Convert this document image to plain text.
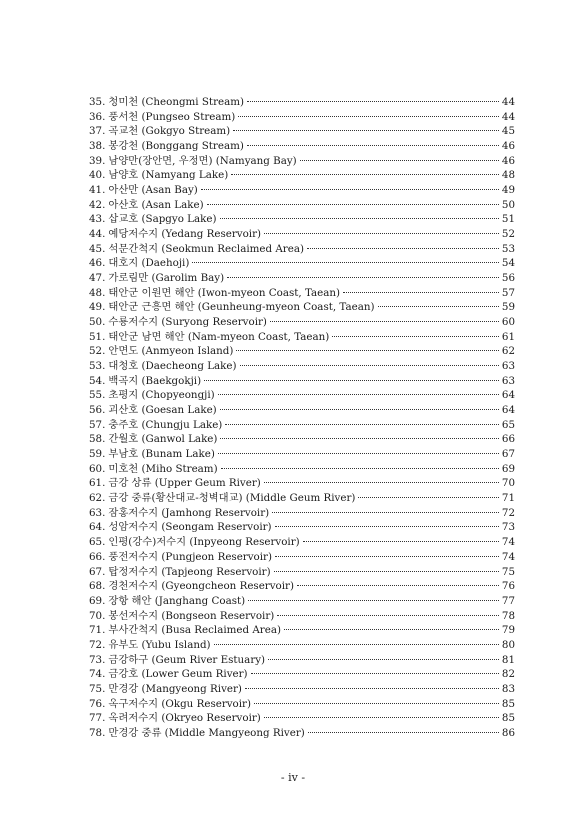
35. 청미천 (Cheongmi Stream)	44
36. 풍서천 (Pungseo Stream)	44
37. 곡교천 (Gokgyo Stream)	45
38. 봉강천 (Bonggang Stream)	46
39. 남양만(장안면, 우정면) (Namyang Bay)	46
40. 남양호 (Namyang Lake)	48
41. 아산만 (Asan Bay)	49
42. 아산호 (Asan Lake)	50
43. 삽교호 (Sapgyo Lake)	51
44. 예당저수지 (Yedang Reservoir)	52
45. 석문간척지 (Seokmun Reclaimed Area)	53
46. 대호지 (Daehoji)	54
47. 가로림만 (Garolim Bay)	56
48. 태안군 이원면 해안 (Iwon-myeon Coast, Taean)	57
49. 태안군 근흥면 해안 (Geunheung-myeon Coast, Taean)	59
50. 수룡저수지 (Suryong Reservoir)	60
51. 태안군 남면 해안 (Nam-myeon Coast, Taean)	61
52. 안면도 (Anmyeon Island)	62
53. 대청호 (Daecheong Lake)	63
54. 백곡지 (Baekgokji)	63
55. 초평지 (Chopyeongji)	64
56. 괴산호 (Goesan Lake)	64
57. 충주호 (Chungju Lake)	65
58. 간월호 (Ganwol Lake)	66
59. 부남호 (Bunam Lake)	67
60. 미호천 (Miho Stream)	69
61. 금강 상류 (Upper Geum River)	70
62. 금강 중류(황산대교-청벽대교) (Middle Geum River)	71
63. 잠홍저수지 (Jamhong Reservoir)	72
64. 성암저수지 (Seongam Reservoir)	73
65. 인평(강수)저수지 (Inpyeong Reservoir)	74
66. 풍전저수지 (Pungjeon Reservoir)	74
67. 탑정저수지 (Tapjeong Reservoir)	75
68. 경천저수지 (Gyeongcheon Reservoir)	76
69. 장항 해안 (Janghang Coast)	77
70. 봉선저수지 (Bongseon Reservoir)	78
71. 부사간척지 (Busa Reclaimed Area)	79
72. 유부도 (Yubu Island)	80
73. 금강하구 (Geum River Estuary)	81
74. 금강호 (Lower Geum River)	82
75. 만경강 (Mangyeong River)	83
76. 옥구저수지 (Okgu Reservoir)	85
77. 옥려저수지 (Okryeo Reservoir)	85
78. 만경강 중류 (Middle Mangyeong River)	86
- iv -
